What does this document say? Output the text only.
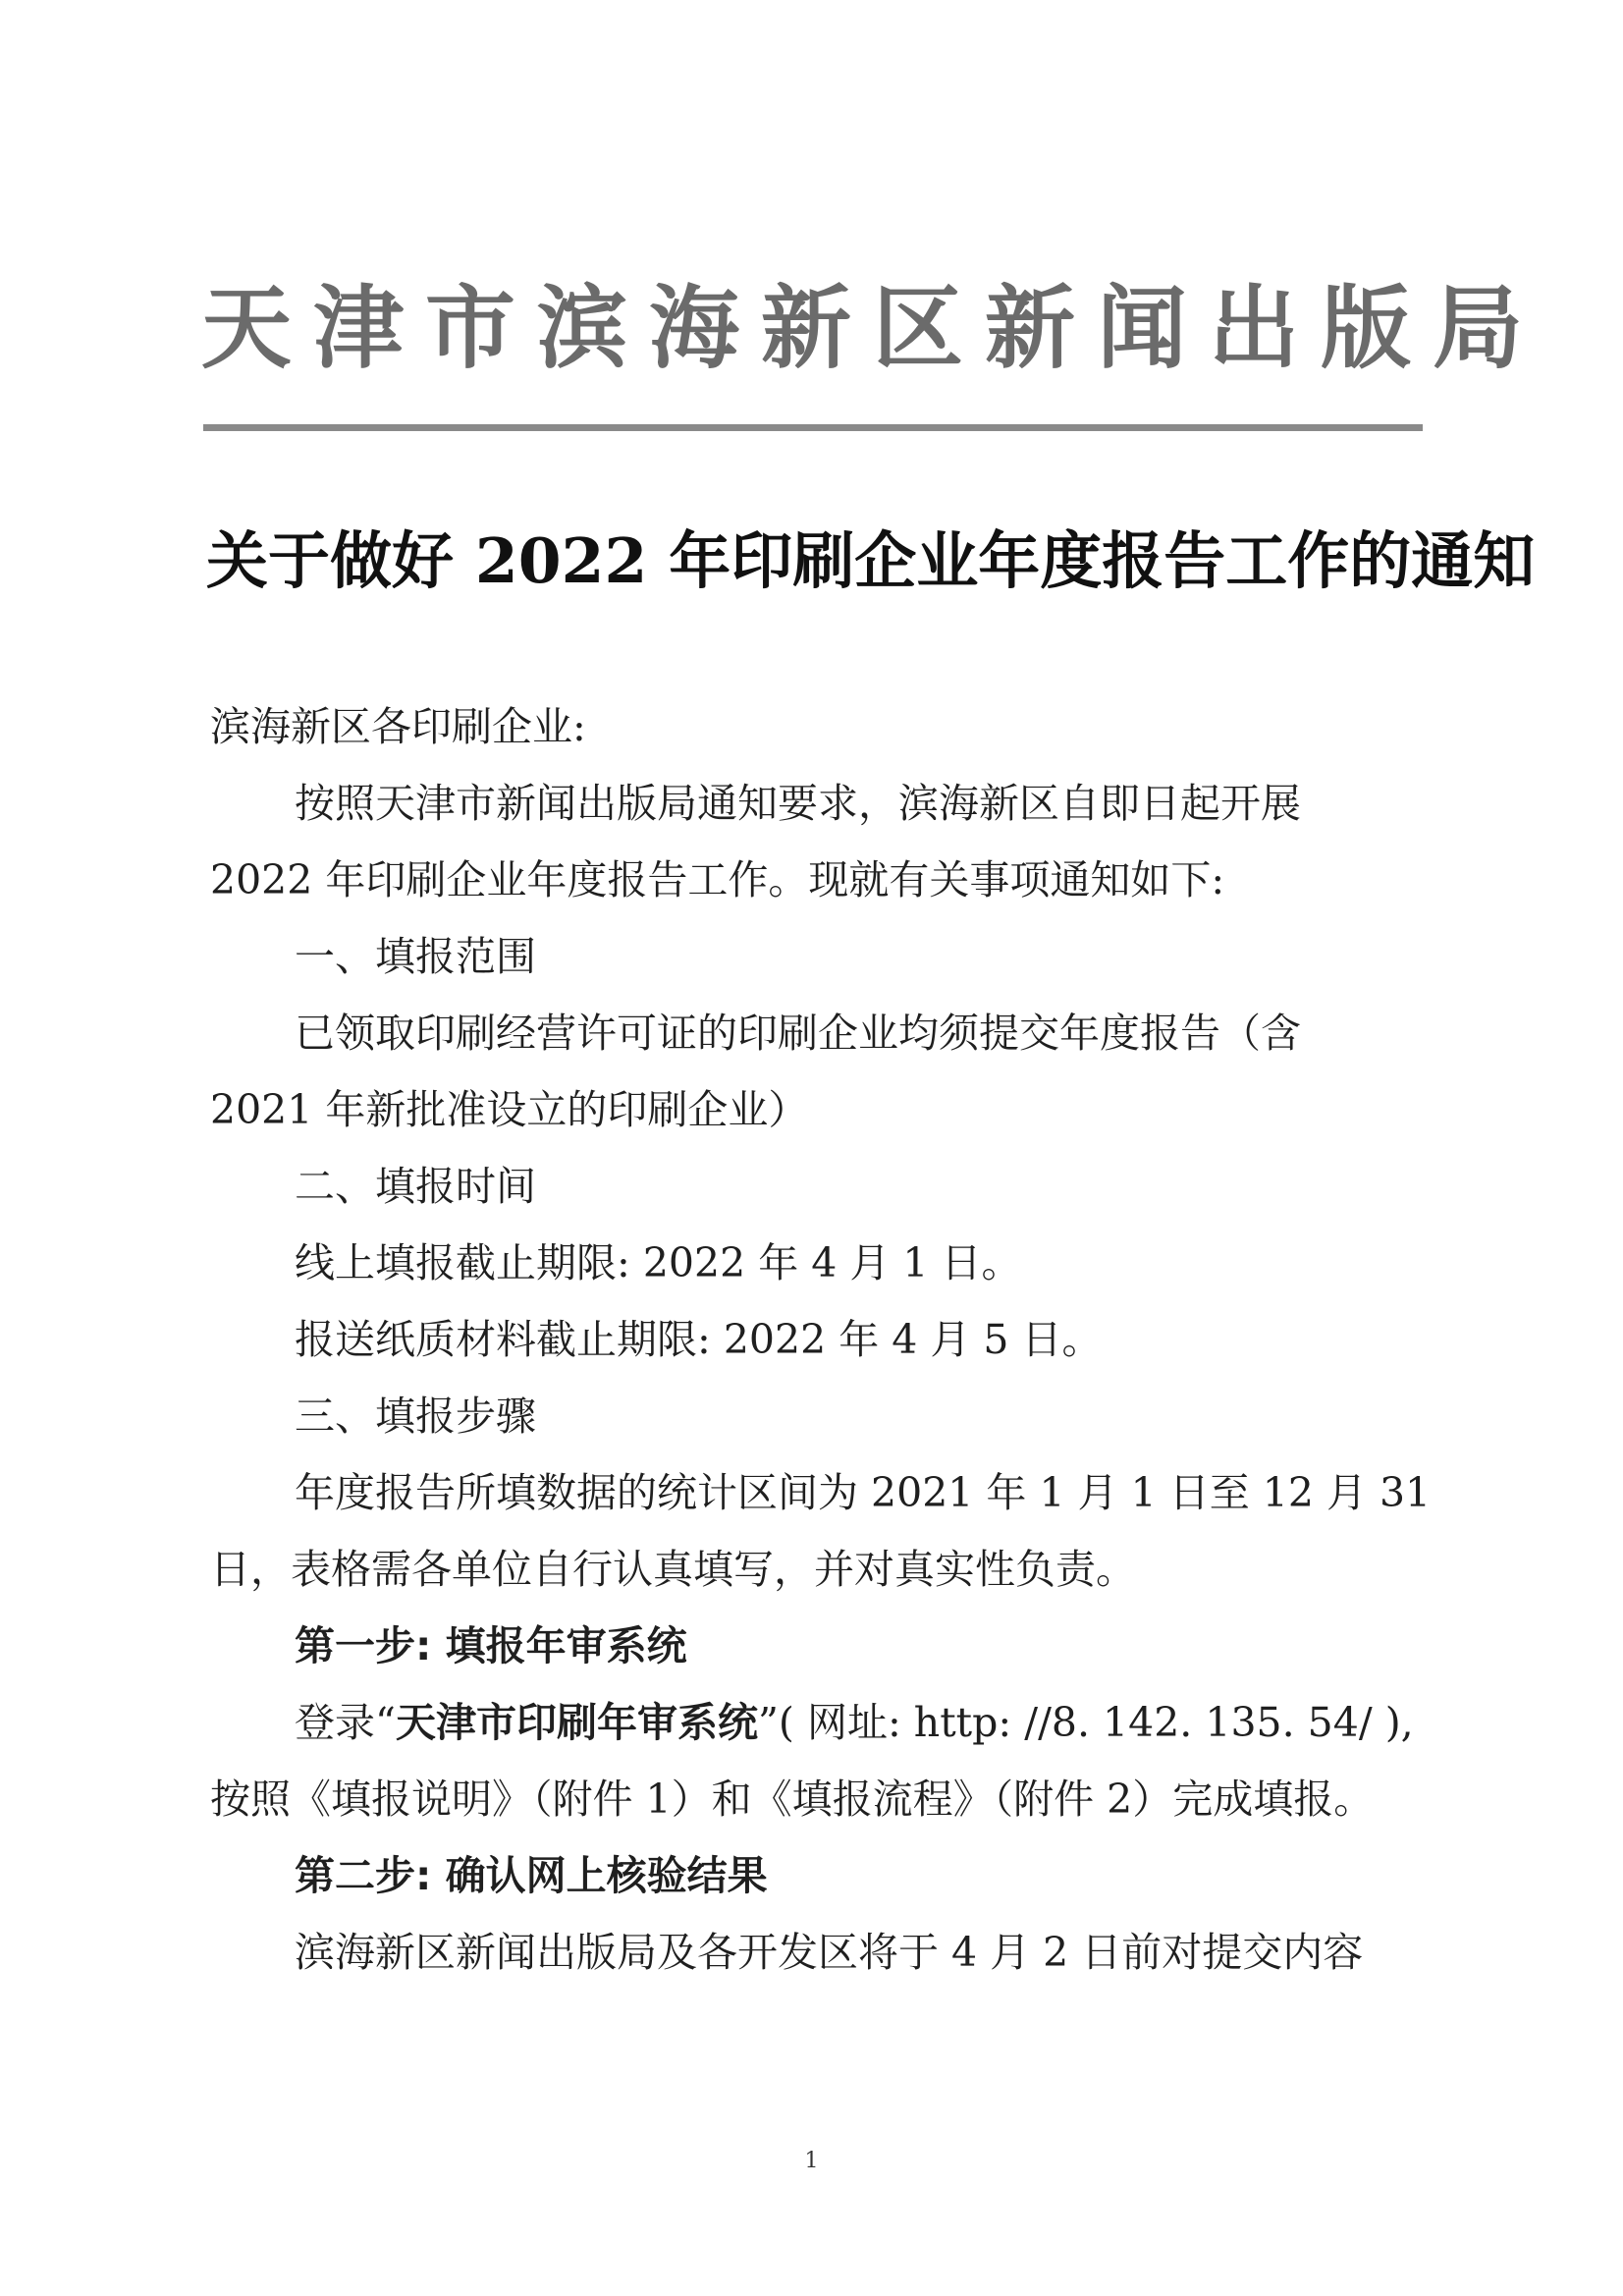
天津市滨海新区新闻出版局
关于做好 2022 年印刷企业年度报告工作的通知
滨海新区各印刷企业:
按照天津市新闻出版局通知要求，滨海新区自即日起开展
2022 年印刷企业年度报告工作。现就有关事项通知如下:
一、填报范围
已领取印刷经营许可证的印刷企业均须提交年度报告（含
2021 年新批准设立的印刷企业）
二、填报时间
线上填报截止期限: 2022 年 4 月 1 日。
报送纸质材料截止期限: 2022 年 4 月 5 日。
三、填报步骤
年度报告所填数据的统计区间为 2021 年 1 月 1 日至 12 月 31
日，表格需各单位自行认真填写，并对真实性负责。
第一步: 填报年审系统
登录“天津市印刷年审系统”( 网址: http: //8. 142. 135. 54/ ),
按照《填报说明》（附件 1）和《填报流程》（附件 2）完成填报。
第二步: 确认网上核验结果
滨海新区新闻出版局及各开发区将于 4 月 2 日前对提交内容
1
